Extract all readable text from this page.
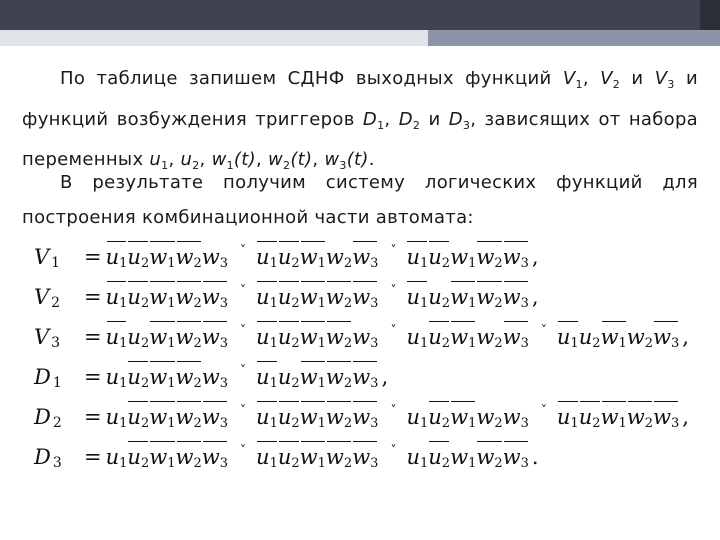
По таблице запишем СДНФ выходных функций $V_1$, $V_2$ и $V_3$ и функций возбуждения триггеров $D_1$, $D_2$ и $D_3$, зависящих от набора переменных $u_1$, $u_2$, $w_1(t)$, $w_2(t)$, $w_3(t)$.
В результате получим систему логических функций для построения комбинационной части автомата:
V 1 = u1u2w1w2w3˅ u1u2w1w2w3˅ u1u2w1w2w3 ,
V 2 = u1u2w1w2w3˅ u1u2w1w2w3˅ u1u2w1w2w3 ,
V 3 = u1u2w1w2w3˅ u1u2w1w2w3˅ u1u2w1w2w3˅ u1u2w1w2w3 ,
D 1 = u1u2w1w2w3˅ u1u2w1w2w3 ,
D 2 = u1u2w1w2w3˅ u1u2w1w2w3˅ u1u2w1w2w3˅ u1u2w1w2w3 ,
D 3 = u1u2w1w2w3˅ u1u2w1w2w3˅ u1u2w1w2w3 .
